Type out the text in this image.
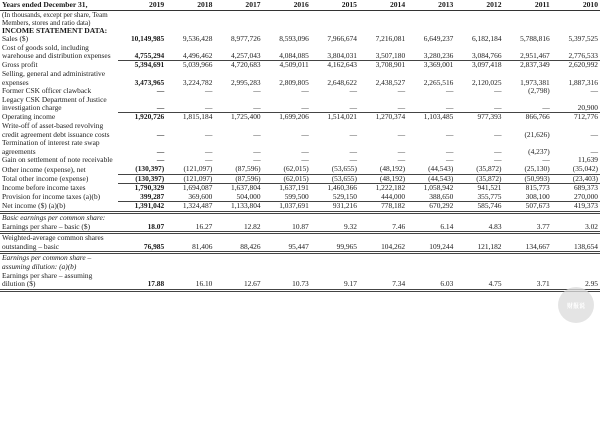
Years ended December 31,	2019	2018	2017	2016	2015	2014	2013	2012	2011	2010
(In thousands, except per share, Team Members, stores and ratio data)										
INCOME STATEMENT DATA:										
Sales ($)	10,149,985	9,536,428	8,977,726	8,593,096	7,966,674	7,216,081	6,649,237	6,182,184	5,788,816	5,397,525
Cost of goods sold, including warehouse and distribution expenses	4,755,294	4,496,462	4,257,043	4,084,085	3,804,031	3,507,180	3,280,236	3,084,766	2,951,467	2,776,533
Gross profit	5,394,691	5,039,966	4,720,683	4,509,011	4,162,643	3,708,901	3,369,001	3,097,418	2,837,349	2,620,992
Selling, general and administrative expenses	3,473,965	3,224,782	2,995,283	2,809,805	2,648,622	2,438,527	2,265,516	2,120,025	1,973,381	1,887,316
Former CSK officer clawback	—	—	—	—	—	—	—	—	(2,798)	—
Legacy CSK Department of Justice investigation charge	—	—	—	—	—	—	—	—	—	20,900
Operating income	1,920,726	1,815,184	1,725,400	1,699,206	1,514,021	1,270,374	1,103,485	977,393	866,766	712,776
Write-off of asset-based revolving credit agreement debt issuance costs	—	—	—	—	—	—	—	—	(21,626)	—
Termination of interest rate swap agreements	—	—	—	—	—	—	—	—	(4,237)	—
Gain on settlement of note receivable	—	—	—	—	—	—	—	—	—	11,639
Other income (expense), net	(130,397)	(121,097)	(87,596)	(62,015)	(53,655)	(48,192)	(44,543)	(35,872)	(25,130)	(35,042)
Total other income (expense)	(130,397)	(121,097)	(87,596)	(62,015)	(53,655)	(48,192)	(44,543)	(35,872)	(50,993)	(23,403)
Income before income taxes	1,790,329	1,694,087	1,637,804	1,637,191	1,460,366	1,222,182	1,058,942	941,521	815,773	689,373
Provision for income taxes (a)(b)	399,287	369,600	504,000	599,500	529,150	444,000	388,650	355,775	308,100	270,000
Net income ($) (a)(b)	1,391,042	1,324,487	1,133,804	1,037,691	931,216	778,182	670,292	585,746	507,673	419,373
Basic earnings per common share:										
Earnings per share – basic ($)	18.07	16.27	12.82	10.87	9.32	7.46	6.14	4.83	3.77	3.02
Weighted-average common shares outstanding – basic	76,985	81,406	88,426	95,447	99,965	104,262	109,244	121,182	134,667	138,654
Earnings per common share – assuming dilution: (a)(b)										
Earnings per share – assuming dilution ($)	17.88	16.10	12.67	10.73	9.17	7.34	6.03	4.75	3.71	2.95
财报说
